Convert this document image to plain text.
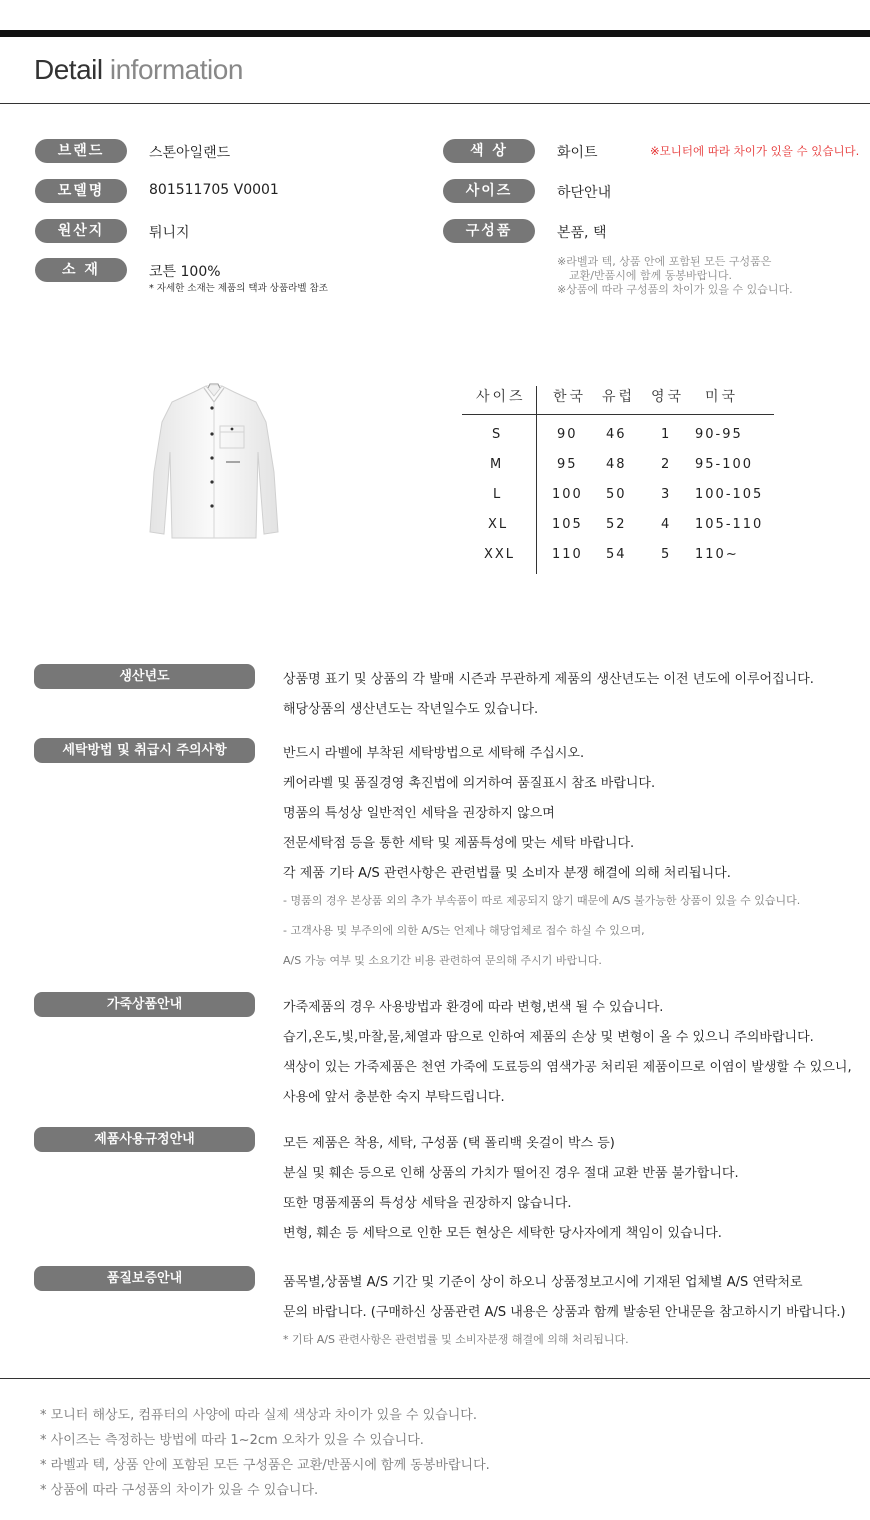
Detail information
브랜드	스톤아일랜드
모델명	801511705 V0001
원산지	튀니지
소 재	코튼 100%
* 자세한 소재는 제품의 택과 상품라벨 참조
색 상	화이트	※모니터에 따라 차이가 있을 수 있습니다.
사이즈	하단안내
구성품	본품, 택
※라벨과 텍, 상품 안에 포함된 모든 구성품은
교환/반품시에 함께 동봉바랍니다.
※상품에 따라 구성품의 차이가 있을 수 있습니다.
사이즈 한국 유럽 영국 미국
S	90 46	1 90-95
M	95 48	2 95-100
L	100 50	3 100-105
XL	105 52	4 105-110
XXL	110 54	5 110~
생산년도	상품명 표기 및 상품의 각 발매 시즌과 무관하게 제품의 생산년도는 이전 년도에 이루어집니다.
해당상품의 생산년도는 작년일수도 있습니다.
세탁방법 및 취급시 주의사항	반드시 라벨에 부착된 세탁방법으로 세탁해 주십시오.
케어라벨 및 품질경영 촉진법에 의거하여 품질표시 참조 바랍니다.
명품의 특성상 일반적인 세탁을 권장하지 않으며
전문세탁점 등을 통한 세탁 및 제품특성에 맞는 세탁 바랍니다.
각 제품 기타 A/S 관련사항은 관련법률 및 소비자 분쟁 해결에 의해 처리됩니다.
- 명품의 경우 본상품 외의 추가 부속품이 따로 제공되지 않기 때문에 A/S 불가능한 상품이 있을 수 있습니다.
- 고객사용 및 부주의에 의한 A/S는 언제나 해당업체로 접수 하실 수 있으며,
A/S 가능 여부 및 소요기간 비용 관련하여 문의해 주시기 바랍니다.
가죽상품안내	가죽제품의 경우 사용방법과 환경에 따라 변형,변색 될 수 있습니다.
습기,온도,빛,마찰,물,체열과 땀으로 인하여 제품의 손상 및 변형이 올 수 있으니 주의바랍니다.
색상이 있는 가죽제품은 천연 가죽에 도료등의 염색가공 처리된 제품이므로 이염이 발생할 수 있으니,
사용에 앞서 충분한 숙지 부탁드립니다.
제품사용규정안내	모든 제품은 착용, 세탁, 구성품 (택 폴리백 옷걸이 박스 등)
분실 및 훼손 등으로 인해 상품의 가치가 떨어진 경우 절대 교환 반품 불가합니다.
또한 명품제품의 특성상 세탁을 권장하지 않습니다.
변형, 훼손 등 세탁으로 인한 모든 현상은 세탁한 당사자에게 책임이 있습니다.
품질보증안내	품목별,상품별 A/S 기간 및 기준이 상이 하오니 상품정보고시에 기재된 업체별 A/S 연락처로
문의 바랍니다. (구매하신 상품관련 A/S 내용은 상품과 함께 발송된 안내문을 참고하시기 바랍니다.)
* 기타 A/S 관련사항은 관련법률 및 소비자분쟁 해결에 의해 처리됩니다.
* 모니터 해상도, 컴퓨터의 사양에 따라 실제 색상과 차이가 있을 수 있습니다.
* 사이즈는 측정하는 방법에 따라 1~2cm 오차가 있을 수 있습니다.
* 라벨과 텍, 상품 안에 포함된 모든 구성품은 교환/반품시에 함께 동봉바랍니다.
* 상품에 따라 구성품의 차이가 있을 수 있습니다.
